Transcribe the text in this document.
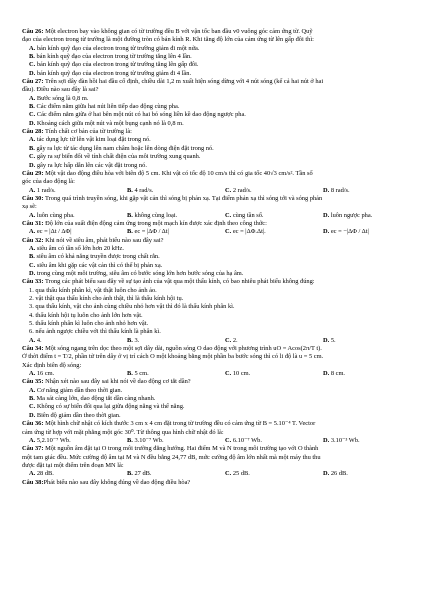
Câu 26: Một electron bay vào không gian có từ trường đều B với vận tốc ban đầu v0 vuông góc cảm ứng từ. Quỹ
đạo của electron trong từ trường là một đường tròn có bán kính R. Khi tăng độ lớn của cảm ứng từ lên gấp đôi thì:
A. bán kính quỹ đạo của electron trong từ trường giảm đi một nửa.
B. bán kính quỹ đạo của electron trong từ trường tăng lên 4 lần.
C. bán kính quỹ đạo của electron trong từ trường tăng lên gấp đôi.
D. bán kính quỹ đạo của electron trong từ trường giảm đi 4 lần.
Câu 27: Trên sợi dây đàn hồi hai đầu cố định, chiều dài 1,2 m xuất hiện sóng dừng với 4 nút sóng (kể cả hai nút ở hai
đầu). Điều nào sau đây là sai?
A. Bước sóng là 0,8 m.
B. Các điểm nằm giữa hai nút liên tiếp dao động cùng pha.
C. Các điểm nằm giữa ở hai bên một nút có hai bó sóng liền kề dao động ngược pha.
D. Khoảng cách giữa một nút và một bụng cạnh nó là 0,8 m.
Câu 28: Tính chất cơ bản của từ trường là:
A. tác dụng lực từ lên vật kim loại đặt trong nó.
B. gây ra lực từ tác dụng lên nam châm hoặc lên dòng điện đặt trong nó.
C. gây ra sự biến đổi về tính chất điện của môi trường xung quanh.
D. gây ra lực hấp dẫn lên các vật đặt trong nó.
Câu 29: Một vật dao động điều hòa với biên độ 5 cm. Khi vật có tốc độ 10 cm/s thì có gia tốc 40√3 cm/s². Tần số
góc của dao động là:
A. 1 rad/s.	B. 4 rad/s.	C. 2 rad/s.	D. 8 rad/s.
Câu 30: Trong quá trình truyền sóng, khi gặp vật cản thì sóng bị phản xạ. Tại điểm phản xạ thì sóng tới và sóng phản
xạ sẽ:
A. luôn cùng pha.	B. không cùng loại.	C. cùng tần số.	D. luôn ngược pha.
Câu 31: Độ lớn của suất điện động cảm ứng trong một mạch kín được xác định theo công thức:
A. ec = |Δt / ΔΦ|	B. ec = |ΔΦ / Δt|	C. ec = |ΔΦ.Δt|.	D. ec = −|ΔΦ / Δt|
Câu 32: Khi nói về siêu âm, phát biểu nào sau đây sai?
A. siêu âm có tần số lớn hơn 20 kHz.
B. siêu âm có khả năng truyền được trong chất rắn.
C. siêu âm khi gặp các vật cản thì có thể bị phản xạ.
D. trong cùng một môi trường, siêu âm có bước sóng lớn hơn bước sóng của hạ âm.
Câu 33: Trong các phát biểu sau đây về sự tạo ảnh của vật qua một thấu kính, có bao nhiêu phát biểu không đúng:
1. qua thấu kính phân kì, vật thật luôn cho ảnh ảo.
2. vật thật qua thấu kính cho ảnh thật, thì là thấu kính hội tụ.
3. qua thấu kính, vật cho ảnh cùng chiều nhỏ hơn vật thì đó là thấu kính phân kì.
4. thấu kính hội tụ luôn cho ảnh lớn hơn vật.
5. thấu kính phân kì luôn cho ảnh nhỏ hơn vật.
6. nếu ảnh ngược chiều với thì thấu kính là phân kì.
A. 4.	B. 3.	C. 2.	D. 5.
Câu 34: Một sóng ngang trên dọc theo một sợi dây dài, nguồn sóng O dao động với phương trình uO = Acos(2π/T t).
Ở thời điểm t = T/2, phần tử trên dây ở vị trí cách O một khoảng bằng một phần ba bước sóng thì có li độ là u = 5 cm.
Xác định biên độ sóng:
A. 16 cm.	B. 5 cm.	C. 10 cm.	D. 8 cm.
Câu 35: Nhận xét nào sau đây sai khi nói về dao động cơ tắt dần?
A. Cơ năng giảm dần theo thời gian.
B. Ma sát càng lớn, dao động tắt dần càng nhanh.
C. Không có sự biến đổi qua lại giữa động năng và thế năng.
D. Biên độ giảm dần theo thời gian.
Câu 36: Một hình chữ nhật có kích thước 3 cm x 4 cm đặt trong từ trường đều có cảm ứng từ B = 5.10⁻⁴ T. Vector
cảm ứng từ hợp với mặt phẳng một góc 30⁰. Từ thông qua hình chữ nhật đó là:
A. 5,2.10⁻⁷ Wb.	B. 3.10⁻⁷ Wb.	C. 6.10⁻⁷ Wb.	D. 3.10⁻³ Wb.
Câu 37: Một nguồn âm đặt tại O trong môi trường đẳng hướng. Hai điểm M và N trong môi trường tạo với O thành
một tam giác đều. Mức cường độ âm tại M và N đều bằng 24,77 dB, mức cường độ âm lớn nhất mà một máy thu thu
được đặt tại một điểm trên đoạn MN là:
A. 28 dB.	B. 27 dB.	C. 25 dB.	D. 26 dB.
Câu 38:Phát biểu nào sau đây không đúng về dao động điều hòa?
